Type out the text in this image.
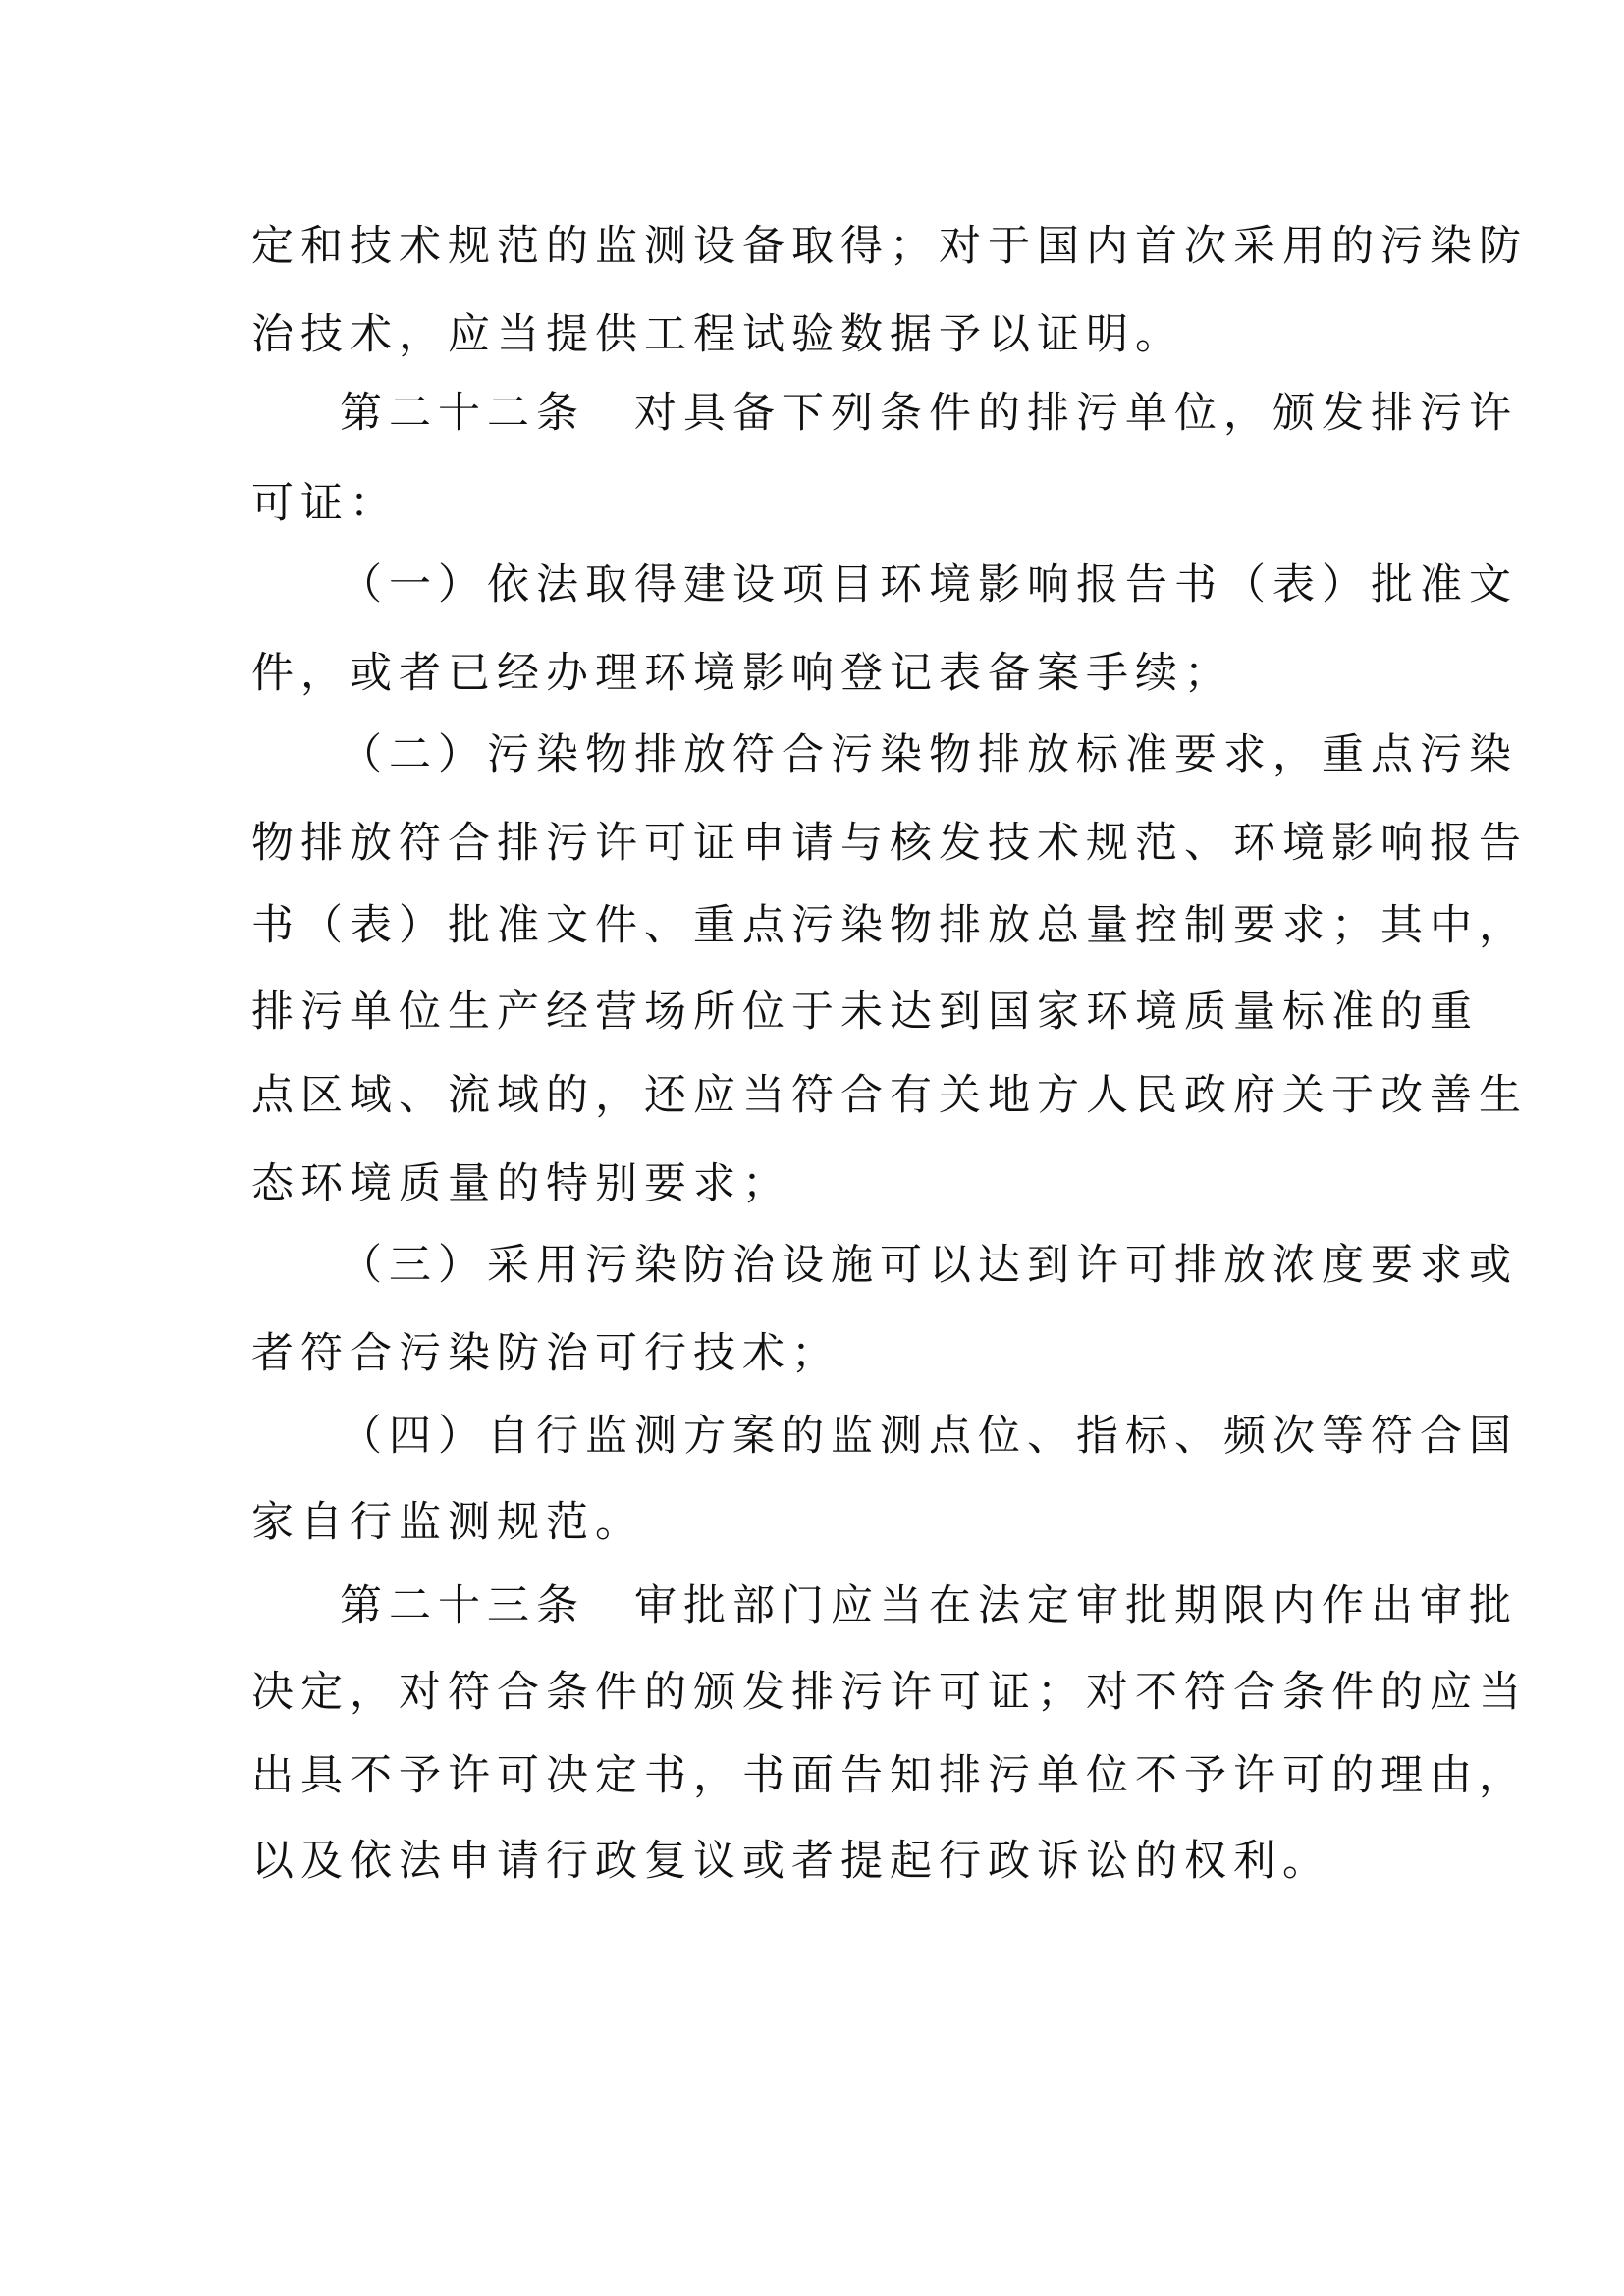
定和技术规范的监测设备取得；对于国内首次采用的污染防
治技术，应当提供工程试验数据予以证明。
第二十二条　对具备下列条件的排污单位，颁发排污许
可证：
（一）依法取得建设项目环境影响报告书（表）批准文
件，或者已经办理环境影响登记表备案手续；
（二）污染物排放符合污染物排放标准要求，重点污染
物排放符合排污许可证申请与核发技术规范、环境影响报告
书（表）批准文件、重点污染物排放总量控制要求；其中，
排污单位生产经营场所位于未达到国家环境质量标准的重
点区域、流域的，还应当符合有关地方人民政府关于改善生
态环境质量的特别要求；
（三）采用污染防治设施可以达到许可排放浓度要求或
者符合污染防治可行技术；
（四）自行监测方案的监测点位、指标、频次等符合国
家自行监测规范。
第二十三条　审批部门应当在法定审批期限内作出审批
决定，对符合条件的颁发排污许可证；对不符合条件的应当
出具不予许可决定书，书面告知排污单位不予许可的理由，
以及依法申请行政复议或者提起行政诉讼的权利。
